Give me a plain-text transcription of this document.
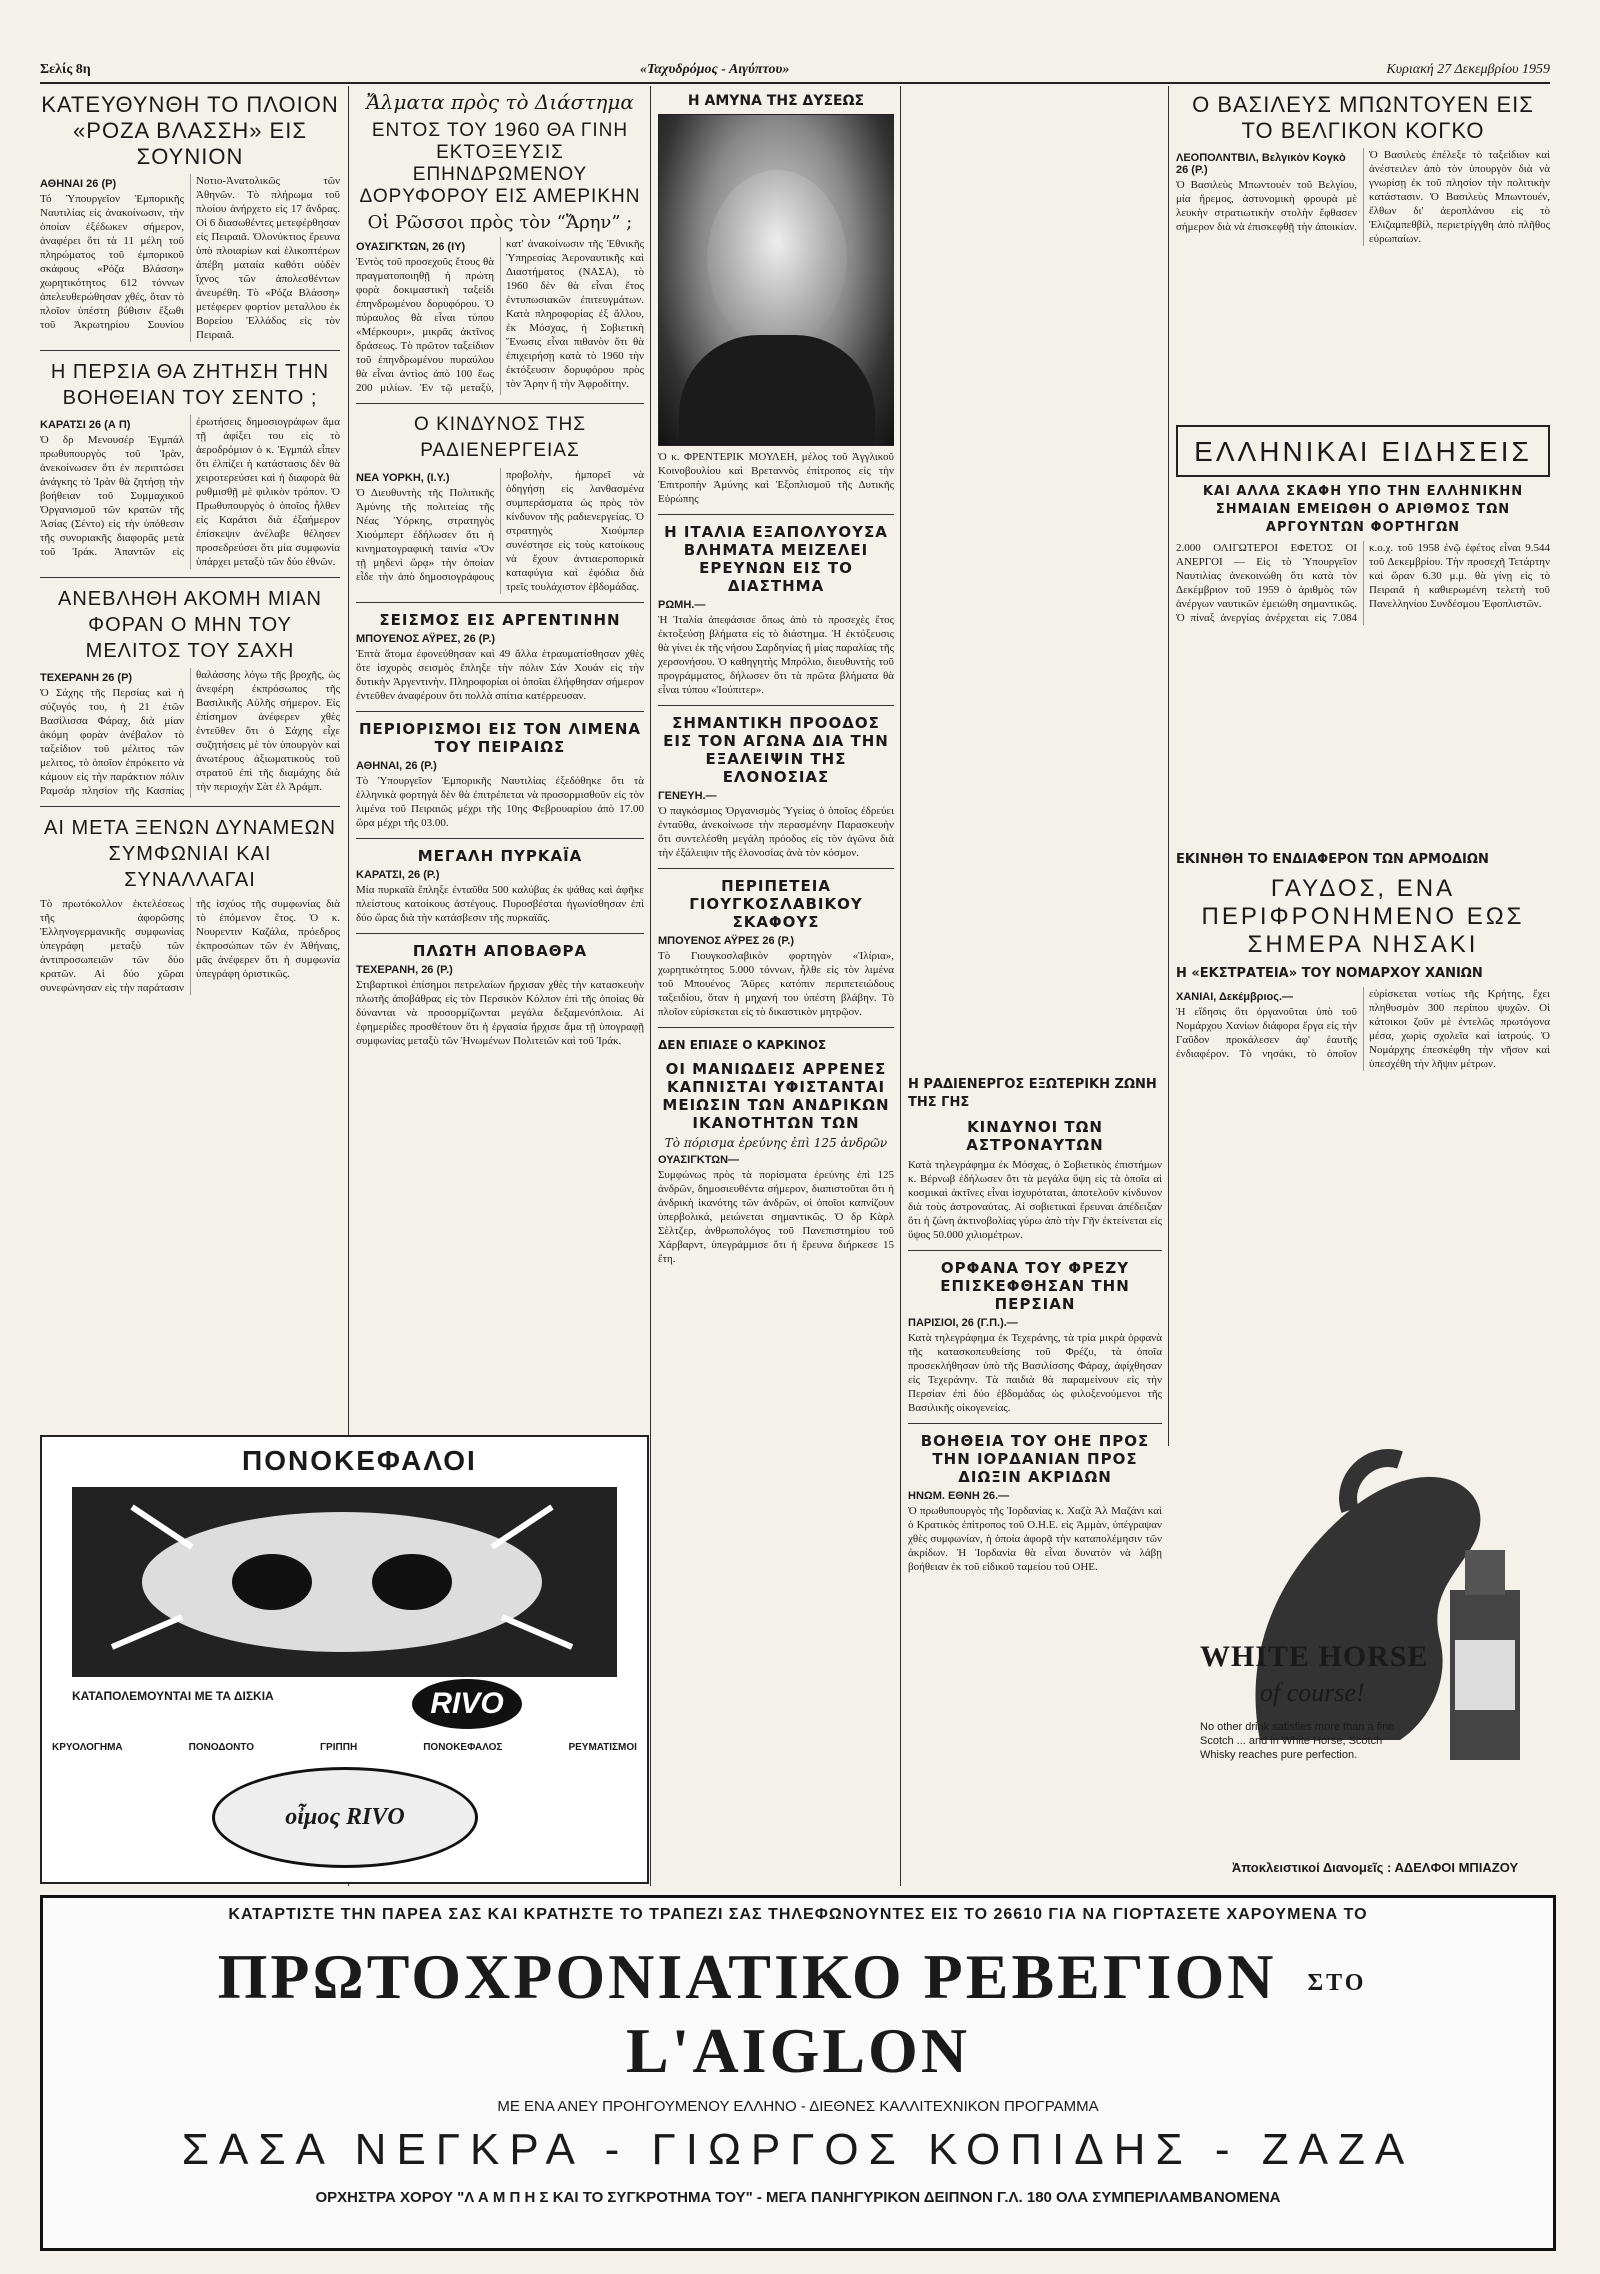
Σελίς 8η	«Ταχυδρόμος - Αιγύπτου»	Κυριακή 27 Δεκεμβρίου 1959
ΚΑΤΕΥΘΥΝΘΗ ΤΟ ΠΛΟΙΟΝ «ΡΟΖΑ ΒΛΑΣΣΗ» ΕΙΣ ΣΟΥΝΙΟΝ
ΑΘΗΝΑΙ 26 (Ρ)

Τό Ύπουργεῖον Ἐμπορικῆς Ναυτιλίας εἰς ἀνακοίνωσιν, τὴν ὁποίαν ἐξέδωκεν σήμερον, ἀναφέρει ὅτι τὰ 11 μέλη τοῦ πληρώματος τοῦ ἐμπορικοῦ σκάφους «Ρόζα Βλάσση» χωρητικότητος 612 τόννων ἀπελευθερώθησαν χθές, ὅταν τὸ πλοῖον ὑπέστη βύθισιν ἔξωθι τοῦ Ἀκρωτηρίου Σουνίου Νοτιο-Ἀνατολικῶς τῶν Ἀθηνῶν. Τὸ πλήρωμα τοῦ πλοίου ἀνήρχετο εἰς 17 ἄνδρας. Οἱ 6 διασωθέντες μετεφέρθησαν εἰς Πειραιᾶ. Ὀλονύκτιος ἔρευνα ὑπὸ πλοιαρίων καὶ ἑλικοπτέρων ἀπέβη ματαία καθότι οὐδὲν ἴχνος τῶν ἀπολεσθέντων ἀνευρέθη. Τὸ «Ρόζα Βλάσση» μετέφερεν φορτίον μεταλλου ἐκ Βορείου Ἑλλάδος εἰς τὸν Πειραιᾶ.

Η ΠΕΡΣΙΑ ΘΑ ΖΗΤΗΣΗ ΤΗΝ ΒΟΗΘΕΙΑΝ ΤΟΥ ΣΕΝΤΟ ;
ΚΑΡΑΤΣΙ 26 (Α Π)

Ὁ δρ Μενουσέρ Ἐγμπάλ πρωθυπουργὸς τοῦ Ἰρὰν, ἀνεκοίνωσεν ὅτι ἐν περιπτώσει ἀνάγκης τὸ Ἰρὰν θὰ ζητήσῃ τὴν βοήθειαν τοῦ Συμμαχικοῦ Ὀργανισμοῦ τῶν κρατῶν τῆς Ἀσίας (Σέντο) εἰς τὴν ὑπόθεσιν τῆς συνοριακῆς διαφορᾶς μετὰ τοῦ Ἰράκ. Ἀπαντῶν εἰς ἐρωτήσεις δημοσιογράφων ἅμα τῇ ἀφίξει του εἰς τὸ ἀεροδρόμιον ὁ κ. Ἐγμπάλ εἶπεν ὅτι ἐλπίζει ἡ κατάστασις δὲν θὰ χειροτερεύσει καὶ ἡ διαφορὰ θὰ ρυθμισθῇ μὲ φιλικὸν τρόπον. Ὁ Πρωθυπουργὸς ὁ ὁποῖος ἦλθεν εἰς Καράτσι διὰ ἐξαήμερον ἐπίσκεψιν ἀνέλαβε θέλησεν προσεδρεύσει ὅτι μία συμφωνία ὑπάρχει μεταξὺ τῶν δύο ἐθνῶν.

ΑΝΕΒΛΗΘΗ ΑΚΟΜΗ ΜΙΑΝ ΦΟΡΑΝ Ο ΜΗΝ ΤΟΥ ΜΕΛΙΤΟΣ ΤΟΥ ΣΑΧΗ
ΤΕΧΕΡΑΝΗ 26 (Ρ)

Ὁ Σάχης τῆς Περσίας καὶ ἡ σύζυγός του, ἡ 21 ἐτῶν Βασίλισσα Φάραχ, διὰ μίαν ἀκόμη φορὰν ἀνέβαλον τὸ ταξείδιον τοῦ μέλιτος τῶν μελιτος, τὸ ὁποῖον ἐπρόκειτο νὰ κάμουν εἰς τὴν παράκτιον πόλιν Ραμσάρ πλησίον τῆς Κασπίας θαλάσσης λόγω τῆς βροχῆς, ὡς ἀνεφέρη ἐκπρόσωπος τῆς Βασιλικῆς Αὐλῆς σήμερον. Εἰς ἐπίσημον ἀνέφερεν χθὲς ἐντεῦθεν ὅτι ὁ Σάχης εἶχε συζητήσεις μὲ τὸν ὑπουργὸν καὶ ἀνωτέρους ἀξιωματικοὺς τοῦ στρατοῦ ἐπὶ τῆς διαμάχης διὰ τὴν περιοχὴν Σὰτ ἐλ Ἀράμπ.

ΑΙ ΜΕΤΑ ΞΕΝΩΝ ΔΥΝΑΜΕΩΝ ΣΥΜΦΩΝΙΑΙ ΚΑΙ ΣΥΝΑΛΛΑΓΑΙ

Τὸ πρωτόκολλον ἐκτελέσεως τῆς ἀφορῶσης Ἑλληνογερμανικῆς συμφωνίας ὑπεγράφη μεταξὺ τῶν ἀντιπροσωπειῶν τῶν δύο κρατῶν. Αἱ δύο χῶραι συνεφώνησαν εἰς τὴν παράτασιν τῆς ἰσχύος τῆς συμφωνίας διὰ τὸ ἑπόμενον ἔτος. Ὁ κ. Νουρεντιν Καζάλα, πρόεδρος ἐκπροσώπων τῶν ἐν Ἀθήναις, μᾶς ἀνέφερεν ὅτι ἡ συμφωνία ὑπεγράφη ὁριστικῶς.

ΠΟΝΟΚΕΦΑΛΟΙ
ΚΑΤΑΠΟΛΕΜΟΥΝΤΑΙ ΜΕ ΤΑ ΔΙΣΚΙΑ	RIVO
ΚΡΥΟΛΟΓΗΜΑ	ΠΟΝΟΔΟΝΤΟ	ΓΡΙΠΠΗ	ΠΟΝΟΚΕΦΑΛΟΣ	ΡΕΥΜΑΤΙΣΜΟΙ
οἶμος RIVO
Ἄλματα πρὸς τὸ Διάστημα
ΕΝΤΟΣ ΤΟΥ 1960 ΘΑ ΓΙΝΗ ΕΚΤΟΞΕΥΣΙΣ ΕΠΗΝΔΡΩΜΕΝΟΥ ΔΟΡΥΦΟΡΟΥ ΕΙΣ ΑΜΕΡΙΚΗΝ
Οἱ Ρῶσσοι πρὸς τὸν “Ἄρην” ;
ΟΥΑΣΙΓΚΤΩΝ, 26 (ΙΥ)

Ἐντὸς τοῦ προσεχοῦς ἔτους θὰ πραγματοποιηθῇ ἡ πρώτη φορὰ δοκιμαστικὴ ταξείδι ἐπηνδρωμένου δορυφόρου. Ὁ πύραυλος θὰ εἶναι τύπου «Μέρκουρι», μικρᾶς ἀκτῖνος δράσεως. Τὸ πρῶτον ταξείδιον τοῦ ἐπηνδρωμένου πυραύλου θὰ εἶναι ἀντὶος ἀπὸ 100 ἕως 200 μιλίων. Ἐν τῷ μεταξὺ, κατ' ἀνακοίνωσιν τῆς Ἐθνικῆς Ὑπηρεσίας Ἀεροναυτικῆς καὶ Διαστήματος (ΝΑΣΑ), τὸ 1960 δὲν θὰ εἶναι ἔτος ἐντυπωσιακῶν ἐπιτευγμάτων. Κατὰ πληροφορίας ἐξ ἄλλου, ἐκ Μόσχας, ἡ Σοβιετικὴ Ἕνωσις εἶναι πιθανὸν ὅτι θὰ ἐπιχειρήσῃ κατὰ τὸ 1960 τὴν ἐκτόξευσιν δορυφόρου πρὸς τὸν Ἄρην ἢ τὴν Ἀφροδίτην.

Ο ΚΙΝΔΥΝΟΣ ΤΗΣ ΡΑΔΙΕΝΕΡΓΕΙΑΣ
ΝΕΑ ΥΟΡΚΗ, (Ι.Υ.)

Ὁ Διευθυντὴς τῆς Πολιτικῆς Ἀμύνης τῆς πολιτείας τῆς Νέας Ὑόρκης, στρατηγὸς Χιούμπερτ ἐδήλωσεν ὅτι ἡ κινηματογραφικὴ ταινία «Ὅν τῇ μηδενὶ ὥρᾳ» τὴν ὁποίαν εἶδε τὴν ἀπὸ δημοσιογράφους προβολὴν, ἠμπορεῖ νὰ ὁδηγήσῃ εἰς λανθασμένα συμπεράσματα ὡς πρὸς τὸν κίνδυνον τῆς ραδιενεργείας. Ὁ στρατηγὸς Χιούμπερ συνέστησε εἰς τοὺς κατοίκους νὰ ἔχουν ἀντιαεροπορικὰ καταφύγια καὶ ἐφόδια διὰ τρεῖς τουλάχιστον ἑβδομάδας.

ΣΕΙΣΜΟΣ ΕΙΣ ΑΡΓΕΝΤΙΝΗΝ
ΜΠΟΥΕΝΟΣ ΑΫΡΕΣ, 26 (Ρ.)

Ἐπτὰ ἄτομα ἐφονεύθησαν καὶ 49 ἄλλα ἐτραυματίσθησαν χθὲς ὅτε ἰσχυρὸς σεισμὸς ἔπληξε τὴν πόλιν Σάν Χουάν εἰς τὴν δυτικὴν Ἀργεντινὴν. Πληροφορίαι οἱ ὁποῖαι ἐλήφθησαν σήμερον ἐντεῦθεν ἀναφέρουν ὅτι πολλὰ σπίτια κατέρρευσαν.

ΠΕΡΙΟΡΙΣΜΟΙ ΕΙΣ ΤΟΝ ΛΙΜΕΝΑ ΤΟΥ ΠΕΙΡΑΙΩΣ
ΑΘΗΝΑΙ, 26 (Ρ.)

Τὸ Ὑπουργεῖον Ἐμπορικῆς Ναυτιλίας ἐξεδόθηκε ὅτι τὰ ἑλληνικὰ φορτηγὰ δὲν θὰ ἐπιτρέπεται νὰ προσορμισθοῦν εἰς τὸν λιμένα τοῦ Πειραιῶς μέχρι τῆς 10ης Φεβρουαρίου ἀπὸ 17.00 ὥρα μέχρι τῆς 03.00.

ΜΕΓΑΛΗ ΠΥΡΚΑΪΑ
ΚΑΡΑΤΣΙ, 26 (Ρ.)

Μία πυρκαϊὰ ἔπληξε ἐνταῦθα 500 καλύβας ἐκ ψάθας καὶ ἀφῆκε πλείστους κατοίκους ἀστέγους. Πυροσβέσται ἠγωνίσθησαν ἐπὶ δύο ὥρας διὰ τὴν κατάσβεσιν τῆς πυρκαϊᾶς.

ΠΛΩΤΗ ΑΠΟΒΑΘΡΑ
ΤΕΧΕΡΑΝΗ, 26 (Ρ.)

Στιβαρτικοὶ ἐπίσημοι πετρελαίων ἤρχισαν χθὲς τὴν κατασκευὴν πλωτῆς ἀποβάθρας εἰς τὸν Περσικὸν Κόλπον ἐπὶ τῆς ὁποίας θὰ δύνανται νὰ προσορμίζωνται μεγάλα δεξαμενόπλοια. Αἱ ἐφημερίδες προσθέτουν ὅτι ἡ ἐργασία ἤρχισε ἅμα τῇ ὑπογραφῇ συμφωνίας μεταξὺ τῶν Ἡνωμένων Πολιτειῶν καὶ τοῦ Ἰράκ.

Η ΑΜΥΝΑ ΤΗΣ ΔΥΣΕΩΣ

Ὁ κ. ΦΡΕΝΤΕΡΙΚ ΜΟΥΛΕΗ, μέλος τοῦ Ἀγγλικοῦ Κοινοβουλίου καὶ Βρεταννὸς ἐπίτροπος εἰς τὴν Ἐπιτροπὴν Ἀμύνης καὶ Ἐξοπλισμοῦ τῆς Δυτικῆς Εὐρώπης

Η ΙΤΑΛΙΑ ΕΞΑΠΟΛΥΟΥΣΑ ΒΛΗΜΑΤΑ ΜΕΙΖΕΛΕΙ ΕΡΕΥΝΩΝ ΕΙΣ ΤΟ ΔΙΑΣΤΗΜΑ
ΡΩΜΗ.—

Ἡ Ἰταλία ἀπεφάσισε ὅπως ἀπὸ τὸ προσεχὲς ἔτος ἐκτοξεύσῃ βλήματα εἰς τὸ διάστημα. Ἡ ἐκτόξευσις θὰ γίνει ἐκ τῆς νήσου Σαρδηνίας ἢ μίας παραλίας τῆς χερσονήσου. Ὁ καθηγητὴς Μπρόλιο, διευθυντὴς τοῦ προγράμματος, δήλωσεν ὅτι τὰ πρῶτα βλήματα θὰ εἶναι τύπου «Ἰούπιτερ».

ΣΗΜΑΝΤΙΚΗ ΠΡΟΟΔΟΣ ΕΙΣ ΤΟΝ ΑΓΩΝΑ ΔΙΑ ΤΗΝ ΕΞΑΛΕΙΨΙΝ ΤΗΣ ΕΛΟΝΟΣΙΑΣ
ΓΕΝΕΥΗ.—

Ὁ παγκόσμιος Ὀργανισμὸς Ὑγείας ὁ ὁποῖος ἐδρεύει ἐνταῦθα, ἀνεκοίνωσε τὴν περασμένην Παρασκευὴν ὅτι συντελέσθη μεγάλη πρόοδος εἰς τὸν ἀγῶνα διὰ τὴν ἐξάλειψιν τῆς ἑλονοσίας ἀνὰ τὸν κόσμον.

ΠΕΡΙΠΕΤΕΙΑ ΓΙΟΥΓΚΟΣΛΑΒΙΚΟΥ ΣΚΑΦΟΥΣ
ΜΠΟΥΕΝΟΣ ΑΫΡΕΣ 26 (Ρ.)

Τὸ Γιουγκοσλαβικὸν φορτηγὸν «Ἰλίρια», χωρητικότητος 5.000 τόννων, ἦλθε εἰς τὸν λιμένα τοῦ Μπουένος Ἄϋρες κατόπιν περιπετειώδους ταξειδίου, ὅταν ἡ μηχανή του ὑπέστη βλάβην. Τὸ πλοῖον εὑρίσκεται εἰς τὸ δικαστικὸν μητρῷον.

ΔΕΝ ΕΠΙΑΣΕ Ο ΚΑΡΚΙΝΟΣ
ΟΙ ΜΑΝΙΩΔΕΙΣ ΑΡΡΕΝΕΣ ΚΑΠΝΙΣΤΑΙ ΥΦΙΣΤΑΝΤΑΙ ΜΕΙΩΣΙΝ ΤΩΝ ΑΝΔΡΙΚΩΝ ΙΚΑΝΟΤΗΤΩΝ ΤΩΝ
Τὸ πόρισμα ἐρεύνης ἐπὶ 125 ἀνδρῶν
ΟΥΑΣΙΓΚΤΩΝ—

Συμφώνως πρὸς τὰ πορίσματα ἐρεύνης ἐπὶ 125 ἀνδρῶν, δημοσιευθέντα σήμερον, διαπιστοῦται ὅτι ἡ ἀνδρικὴ ἱκανότης τῶν ἀνδρῶν, οἱ ὁποῖοι καπνίζουν ὑπερβολικά, μειώνεται σημαντικῶς. Ὁ δρ Κὰρλ Σὲλτζερ, ἀνθρωπολόγος τοῦ Πανεπιστημίου τοῦ Χάρβαρντ, ὑπεγράμμισε ὅτι ἡ ἔρευνα διήρκεσε 15 ἔτη.

Ο ΒΑΣΙΛΕΥΣ ΜΠΩΝΤΟΥΕΝ ΕΙΣ ΤΟ ΒΕΛΓΙΚΟΝ ΚΟΓΚΟ
ΛΕΟΠΟΛΝΤΒΙΛ, Βελγικὸν Κογκὸ 26 (Ρ.)

Ὁ Βασιλεὺς Μπωντουὲν τοῦ Βελγίου, μία ἥρεμος, ἀστυνομικὴ φρουρὰ μὲ λευκὴν στρατιωτικὴν στολὴν ἔφθασεν σήμερον διὰ νὰ ἐπισκεφθῇ τὴν ἀποικίαν. Ὁ Βασιλεὺς ἐπέλεξε τὸ ταξείδιον καὶ ἀνέστειλεν ἀπὸ τὸν ὑπουργὸν διὰ νὰ γνωρίσῃ ἐκ τοῦ πλησίον τὴν πολιτικὴν κατάστασιν. Ὁ Βασιλεὺς Μπωντουέν, ἔλθων δι' ἀεροπλάνου εἰς τὸ Ἐλιζαμπεθβίλ, περιετρίγγθη ἀπὸ πλῆθος εὐρωπαίων.

ΕΛΛΗΝΙΚΑΙ ΕΙΔΗΣΕΙΣ
ΚΑΙ ΑΛΛΑ ΣΚΑΦΗ ΥΠΟ ΤΗΝ ΕΛΛΗΝΙΚΗΝ ΣΗΜΑΙΑΝ ΕΜΕΙΩΘΗ Ο ΑΡΙΘΜΟΣ ΤΩΝ ΑΡΓΟΥΝΤΩΝ ΦΟΡΤΗΓΩΝ

2.000 ΟΛΙΓΩΤΕΡΟΙ ΕΦΕΤΟΣ ΟΙ ΑΝΕΡΓΟΙ — Εἰς τὸ Ὑπουργεῖον Ναυτιλίας ἀνεκοινώθη ὅτι κατὰ τὸν Δεκέμβριον τοῦ 1959 ὁ ἀριθμὸς τῶν ἀνέργων ναυτικῶν ἐμειώθη σημαντικῶς. Ὁ πίναξ ἀνεργίας ἀνέρχεται εἰς 7.084 κ.ο.χ. τοῦ 1958 ἐνῷ ἐφέτος εἶναι 9.544 τοῦ Δεκεμβρίου. Τὴν προσεχῆ Τετάρτην καὶ ὥραν 6.30 μ.μ. θὰ γίνῃ εἰς τὸ Πειραιᾶ ἡ καθιερωμένη τελετὴ τοῦ Πανελληνίου Συνδέσμου Ἐφοπλιστῶν.

ΕΚΙΝΗΘΗ ΤΟ ΕΝΔΙΑΦΕΡΟΝ ΤΩΝ ΑΡΜΟΔΙΩΝ
ΓΑΥΔΟΣ, ΕΝΑ ΠΕΡΙΦΡΟΝΗΜΕΝΟ ΕΩΣ ΣΗΜΕΡΑ ΝΗΣΑΚΙ
Η «ΕΚΣΤΡΑΤΕΙΑ» ΤΟΥ ΝΟΜΑΡΧΟΥ ΧΑΝΙΩΝ
ΧΑΝΙΑΙ, Δεκέμβριος.—

Ἡ εἴδησις ὅτι ὀργανοῦται ὑπὸ τοῦ Νομάρχου Χανίων διάφορα ἔργα εἰς τὴν Γαῦδον προκάλεσεν ἀφ' ἑαυτῆς ἐνδιαφέρον. Τὸ νησάκι, τὸ ὁποῖον εὑρίσκεται νοτίως τῆς Κρήτης, ἔχει πληθυσμὸν 300 περίπου ψυχῶν. Οἱ κάτοικοι ζοῦν μὲ ἐντελῶς πρωτόγονα μέσα, χωρὶς σχολεῖα καὶ ἰατρούς. Ὁ Νομάρχης ἐπεσκέφθη τὴν νῆσον καὶ ὑπεσχέθη τὴν λῆψιν μέτρων.

Η ΡΑΔΙΕΝΕΡΓΟΣ ΕΞΩΤΕΡΙΚΗ ΖΩΝΗ ΤΗΣ ΓΗΣ
ΚΙΝΔΥΝΟΙ ΤΩΝ ΑΣΤΡΟΝΑΥΤΩΝ

Κατὰ τηλεγράφημα ἐκ Μόσχας, ὁ Σοβιετικὸς ἐπιστήμων κ. Βέρνωβ ἐδήλωσεν ὅτι τὰ μεγάλα ὕψη εἰς τὰ ὁποῖα αἱ κοσμικαὶ ἀκτῖνες εἶναι ἰσχυρόταται, ἀποτελοῦν κίνδυνον διὰ τοὺς ἀστροναύτας. Αἱ σοβιετικαὶ ἔρευναι ἀπέδειξαν ὅτι ἡ ζώνη ἀκτινοβολίας γύρω ἀπὸ τὴν Γῆν ἐκτείνεται εἰς ὕψος 50.000 χιλιομέτρων.

ΟΡΦΑΝΑ ΤΟΥ ΦΡΕΖΥ ΕΠΙΣΚΕΦΘΗΣΑΝ ΤΗΝ ΠΕΡΣΙΑΝ
ΠΑΡΙΣΙΟΙ, 26 (Γ.Π.).—

Κατὰ τηλεγράφημα ἐκ Τεχεράνης, τὰ τρία μικρὰ ὀρφανὰ τῆς κατασκοπευθείσης τοῦ Φρέζυ, τὰ ὁποῖα προσεκλήθησαν ὑπὸ τῆς Βασιλίσσης Φάραχ, ἀφίχθησαν εἰς Τεχεράνην. Τὰ παιδιὰ θὰ παραμείνουν εἰς τὴν Περσίαν ἐπὶ δύο ἑβδομάδας ὡς φιλοξενούμενοι τῆς Βασιλικῆς οἰκογενείας.

ΒΟΗΘΕΙΑ ΤΟΥ ΟΗΕ ΠΡΟΣ ΤΗΝ ΙΟΡΔΑΝΙΑΝ ΠΡΟΣ ΔΙΩΞΙΝ ΑΚΡΙΔΩΝ
ΗΝΩΜ. ΕΘΝΗ 26.—

Ὁ πρωθυπουργὸς τῆς Ἰορδανίας κ. Χαζὰ Ἀλ Μαζάνι καὶ ὁ Κρατικὸς ἐπίτροπος τοῦ Ο.Η.Ε. εἰς Ἀμμὰν, ὑπέγραψαν χθὲς συμφωνίαν, ἡ ὁποία ἀφορᾷ τὴν καταπολέμησιν τῶν ἀκρίδων. Ἡ Ἰορδανία θὰ εἶναι δυνατὸν νὰ λάβῃ βοήθειαν ἐκ τοῦ εἰδικοῦ ταμείου τοῦ ΟΗΕ.

WHITE HORSE
of course!
No other drink satisfies more than a fine Scotch ... and in White Horse, Scotch Whisky reaches pure perfection.
Ἀποκλειστικοί Διανομεῖς : ΑΔΕΛΦΟΙ ΜΠΙΑΖΟΥ
ΚΑΤΑΡΤΙΣΤΕ ΤΗΝ ΠΑΡΕΑ ΣΑΣ ΚΑΙ ΚΡΑΤΗΣΤΕ ΤΟ ΤΡΑΠΕΖΙ ΣΑΣ ΤΗΛΕΦΩΝΟΥΝΤΕΣ ΕΙΣ ΤΟ 26610 ΓΙΑ ΝΑ ΓΙΟΡΤΑΣΕΤΕ ΧΑΡΟΥΜΕΝΑ ΤΟ
ΠΡΩΤΟΧΡΟΝΙΑΤΙΚΟ ΡΕΒΕΓΙΟΝ ΣΤΟ L'AIGLON
ΜΕ ΕΝΑ ΑΝΕΥ ΠΡΟΗΓΟΥΜΕΝΟΥ ΕΛΛΗΝΟ - ΔΙΕΘΝΕΣ ΚΑΛΛΙΤΕΧΝΙΚΟΝ ΠΡΟΓΡΑΜΜΑ
ΣΑΣΑ ΝΕΓΚΡΑ - ΓΙΩΡΓΟΣ ΚΟΠΙΔΗΣ - ΖΑΖΑ
ΟΡΧΗΣΤΡΑ ΧΟΡΟΥ "Λ Α Μ Π Η Σ ΚΑΙ ΤΟ ΣΥΓΚΡΟΤΗΜΑ ΤΟΥ" - ΜΕΓΑ ΠΑΝΗΓΥΡΙΚΟΝ ΔΕΙΠΝΟΝ Γ.Λ. 180 ΟΛΑ ΣΥΜΠΕΡΙΛΑΜΒΑΝΟΜΕΝΑ
